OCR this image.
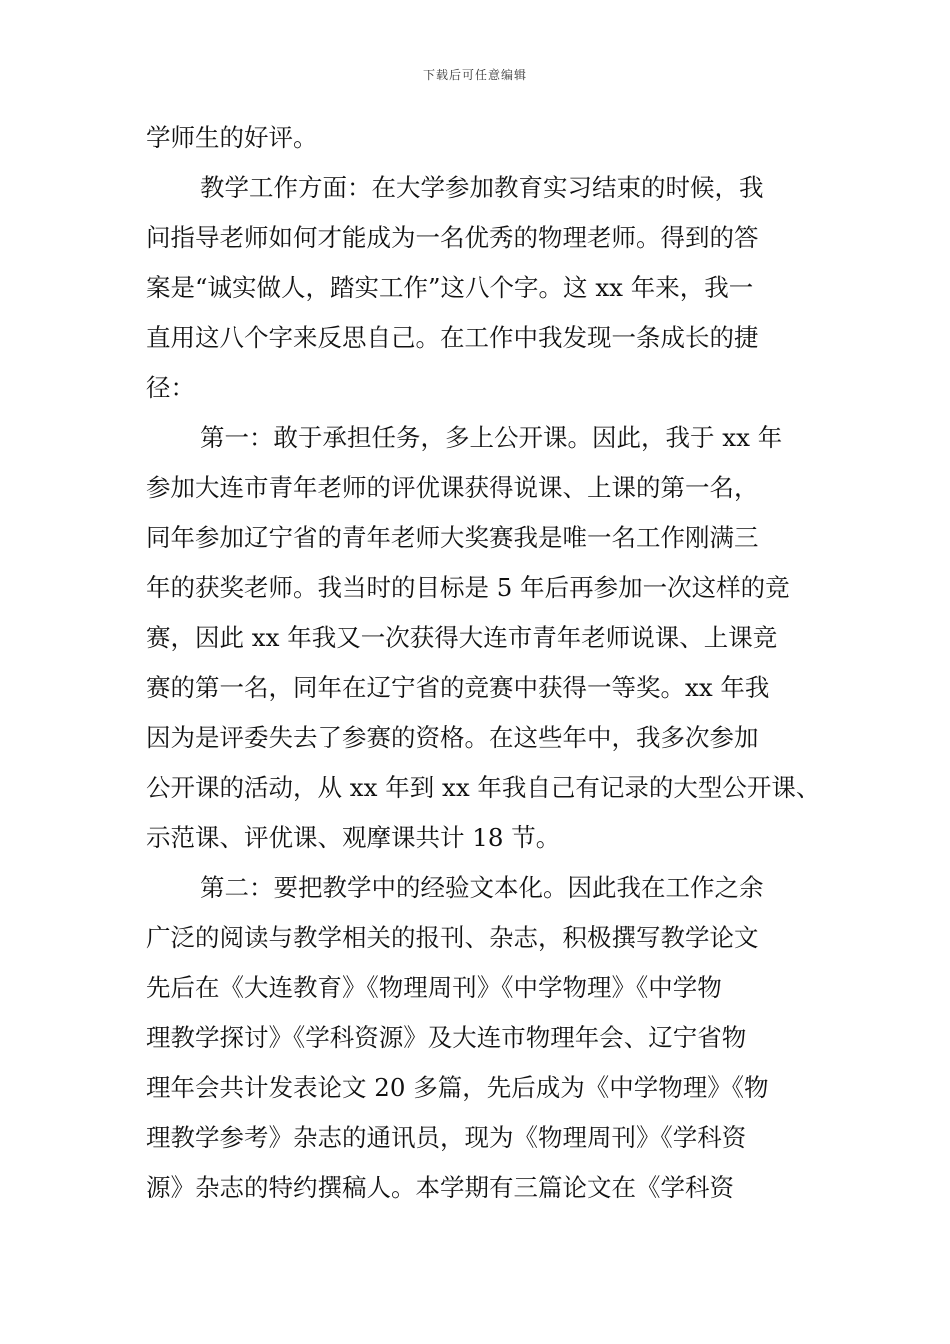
下载后可任意编辑
学师生的好评。
教学工作方面：在大学参加教育实习结束的时候，我
问指导老师如何才能成为一名优秀的物理老师。得到的答
案是“诚实做人，踏实工作”这八个字。这 xx 年来，我一
直用这八个字来反思自己。在工作中我发现一条成长的捷
径：
第一：敢于承担任务，多上公开课。因此，我于 xx 年
参加大连市青年老师的评优课获得说课、上课的第一名，
同年参加辽宁省的青年老师大奖赛我是唯一名工作刚满三
年的获奖老师。我当时的目标是 5 年后再参加一次这样的竞
赛，因此 xx 年我又一次获得大连市青年老师说课、上课竞
赛的第一名，同年在辽宁省的竞赛中获得一等奖。xx 年我
因为是评委失去了参赛的资格。在这些年中，我多次参加
公开课的活动，从 xx 年到 xx 年我自己有记录的大型公开课、
示范课、评优课、观摩课共计 18 节。
第二：要把教学中的经验文本化。因此我在工作之余
广泛的阅读与教学相关的报刊、杂志，积极撰写教学论文
先后在《大连教育》《物理周刊》《中学物理》《中学物
理教学探讨》《学科资源》及大连市物理年会、辽宁省物
理年会共计发表论文 20 多篇，先后成为《中学物理》《物
理教学参考》杂志的通讯员，现为《物理周刊》《学科资
源》杂志的特约撰稿人。本学期有三篇论文在《学科资
